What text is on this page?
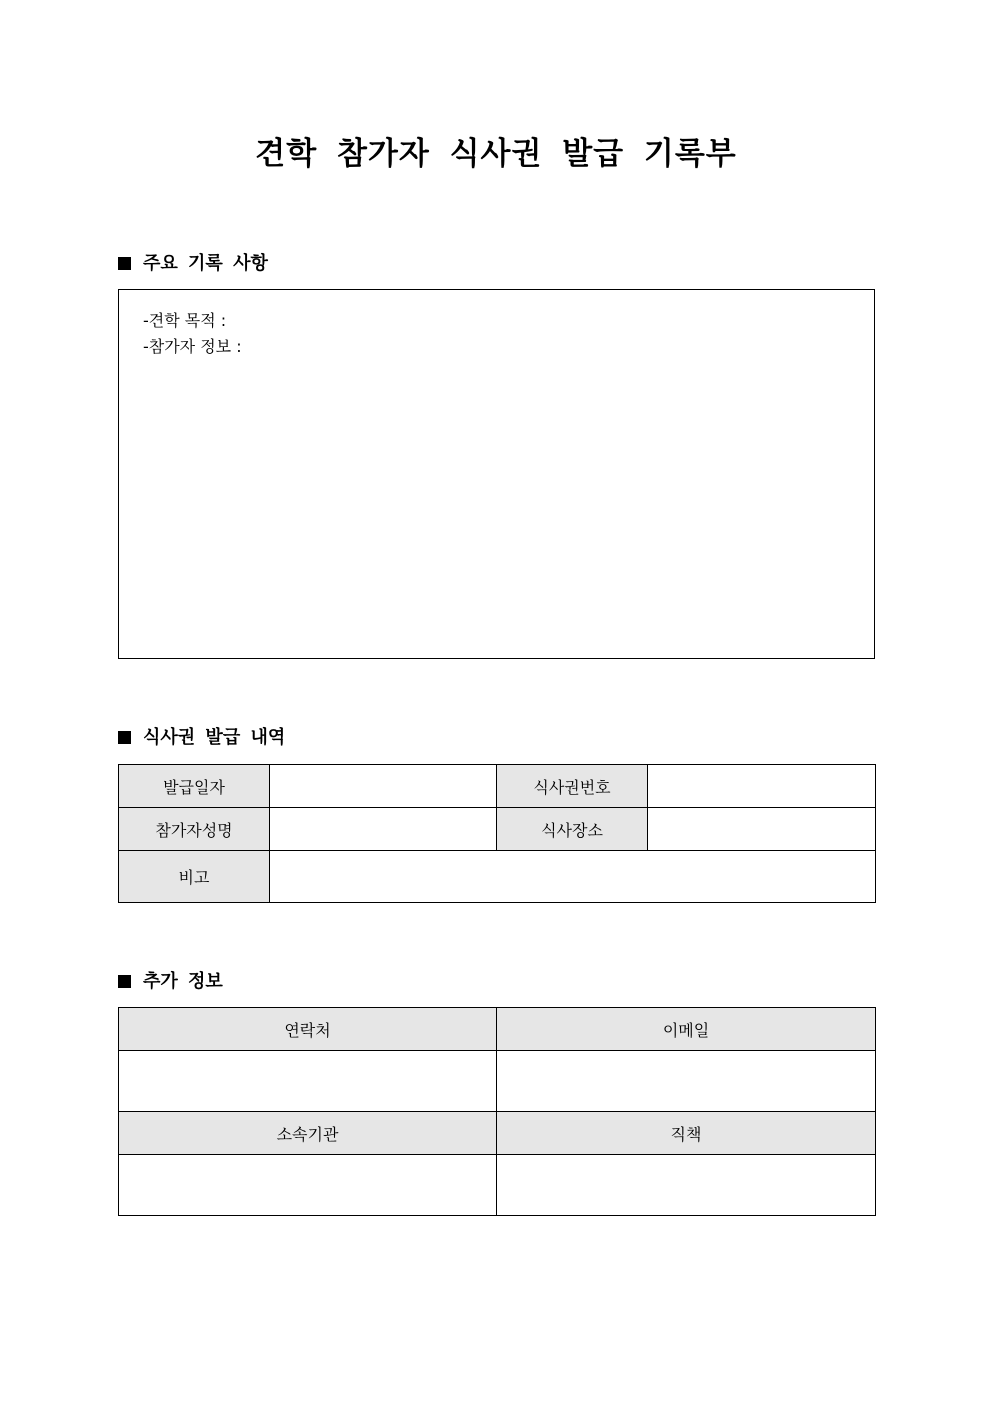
견학 참가자 식사권 발급 기록부
주요 기록 사항
-견학 목적 :
-참가자 정보 :
식사권 발급 내역
발급일자		식사권번호	
참가자성명		식사장소	
비고			
추가 정보
연락처	이메일

소속기관	직책
